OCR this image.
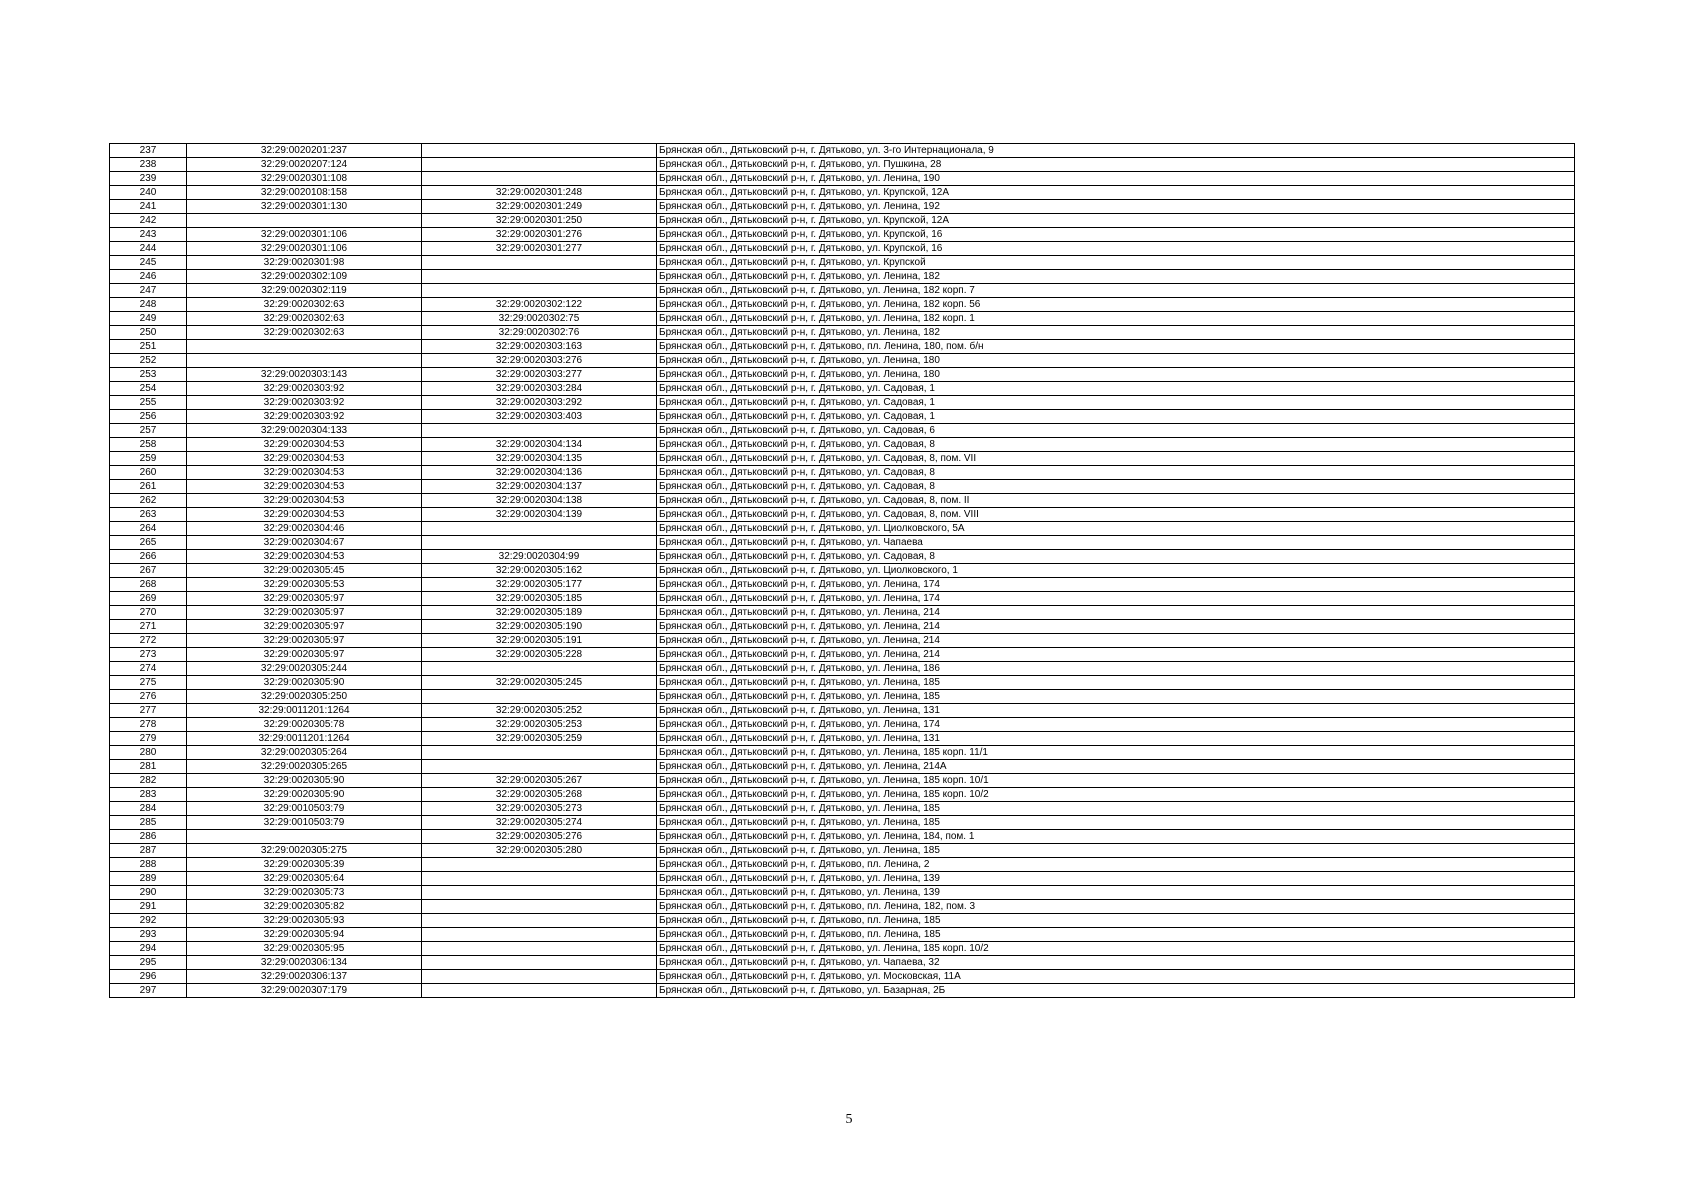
237	32:29:0020201:237		Брянская обл., Дятьковский р-н, г. Дятьково, ул. 3-го Интернационала, 9
238	32:29:0020207:124		Брянская обл., Дятьковский р-н, г. Дятьково, ул. Пушкина, 28
239	32:29:0020301:108		Брянская обл., Дятьковский р-н, г. Дятьково, ул. Ленина, 190
240	32:29:0020108:158	32:29:0020301:248	Брянская обл., Дятьковский р-н, г. Дятьково, ул. Крупской, 12А
241	32:29:0020301:130	32:29:0020301:249	Брянская обл., Дятьковский р-н, г. Дятьково, ул. Ленина, 192
242		32:29:0020301:250	Брянская обл., Дятьковский р-н, г. Дятьково, ул. Крупской, 12А
243	32:29:0020301:106	32:29:0020301:276	Брянская обл., Дятьковский р-н, г. Дятьково, ул. Крупской, 16
244	32:29:0020301:106	32:29:0020301:277	Брянская обл., Дятьковский р-н, г. Дятьково, ул. Крупской, 16
245	32:29:0020301:98		Брянская обл., Дятьковский р-н, г. Дятьково, ул. Крупской
246	32:29:0020302:109		Брянская обл., Дятьковский р-н, г. Дятьково, ул. Ленина, 182
247	32:29:0020302:119		Брянская обл., Дятьковский р-н, г. Дятьково, ул. Ленина, 182 корп. 7
248	32:29:0020302:63	32:29:0020302:122	Брянская обл., Дятьковский р-н, г. Дятьково, ул. Ленина, 182 корп. 56
249	32:29:0020302:63	32:29:0020302:75	Брянская обл., Дятьковский р-н, г. Дятьково, ул. Ленина, 182 корп. 1
250	32:29:0020302:63	32:29:0020302:76	Брянская обл., Дятьковский р-н, г. Дятьково, ул. Ленина, 182
251		32:29:0020303:163	Брянская обл., Дятьковский р-н, г. Дятьково, пл. Ленина, 180, пом. б/н
252		32:29:0020303:276	Брянская обл., Дятьковский р-н, г. Дятьково, ул. Ленина, 180
253	32:29:0020303:143	32:29:0020303:277	Брянская обл., Дятьковский р-н, г. Дятьково, ул. Ленина, 180
254	32:29:0020303:92	32:29:0020303:284	Брянская обл., Дятьковский р-н, г. Дятьково, ул. Садовая, 1
255	32:29:0020303:92	32:29:0020303:292	Брянская обл., Дятьковский р-н, г. Дятьково, ул. Садовая, 1
256	32:29:0020303:92	32:29:0020303:403	Брянская обл., Дятьковский р-н, г. Дятьково, ул. Садовая, 1
257	32:29:0020304:133		Брянская обл., Дятьковский р-н, г. Дятьково, ул. Садовая, 6
258	32:29:0020304:53	32:29:0020304:134	Брянская обл., Дятьковский р-н, г. Дятьково, ул. Садовая, 8
259	32:29:0020304:53	32:29:0020304:135	Брянская обл., Дятьковский р-н, г. Дятьково, ул. Садовая, 8, пом. VII
260	32:29:0020304:53	32:29:0020304:136	Брянская обл., Дятьковский р-н, г. Дятьково, ул. Садовая, 8
261	32:29:0020304:53	32:29:0020304:137	Брянская обл., Дятьковский р-н, г. Дятьково, ул. Садовая, 8
262	32:29:0020304:53	32:29:0020304:138	Брянская обл., Дятьковский р-н, г. Дятьково, ул. Садовая, 8, пом. II
263	32:29:0020304:53	32:29:0020304:139	Брянская обл., Дятьковский р-н, г. Дятьково, ул. Садовая, 8, пом. VIII
264	32:29:0020304:46		Брянская обл., Дятьковский р-н, г. Дятьково, ул. Циолковского, 5А
265	32:29:0020304:67		Брянская обл., Дятьковский р-н, г. Дятьково, ул. Чапаева
266	32:29:0020304:53	32:29:0020304:99	Брянская обл., Дятьковский р-н, г. Дятьково, ул. Садовая, 8
267	32:29:0020305:45	32:29:0020305:162	Брянская обл., Дятьковский р-н, г. Дятьково, ул. Циолковского, 1
268	32:29:0020305:53	32:29:0020305:177	Брянская обл., Дятьковский р-н, г. Дятьково, ул. Ленина, 174
269	32:29:0020305:97	32:29:0020305:185	Брянская обл., Дятьковский р-н, г. Дятьково, ул. Ленина, 174
270	32:29:0020305:97	32:29:0020305:189	Брянская обл., Дятьковский р-н, г. Дятьково, ул. Ленина, 214
271	32:29:0020305:97	32:29:0020305:190	Брянская обл., Дятьковский р-н, г. Дятьково, ул. Ленина, 214
272	32:29:0020305:97	32:29:0020305:191	Брянская обл., Дятьковский р-н, г. Дятьково, ул. Ленина, 214
273	32:29:0020305:97	32:29:0020305:228	Брянская обл., Дятьковский р-н, г. Дятьково, ул. Ленина, 214
274	32:29:0020305:244		Брянская обл., Дятьковский р-н, г. Дятьково, ул. Ленина, 186
275	32:29:0020305:90	32:29:0020305:245	Брянская обл., Дятьковский р-н, г. Дятьково, ул. Ленина, 185
276	32:29:0020305:250		Брянская обл., Дятьковский р-н, г. Дятьково, ул. Ленина, 185
277	32:29:0011201:1264	32:29:0020305:252	Брянская обл., Дятьковский р-н, г. Дятьково, ул. Ленина, 131
278	32:29:0020305:78	32:29:0020305:253	Брянская обл., Дятьковский р-н, г. Дятьково, ул. Ленина, 174
279	32:29:0011201:1264	32:29:0020305:259	Брянская обл., Дятьковский р-н, г. Дятьково, ул. Ленина, 131
280	32:29:0020305:264		Брянская обл., Дятьковский р-н, г. Дятьково, ул. Ленина, 185 корп. 11/1
281	32:29:0020305:265		Брянская обл., Дятьковский р-н, г. Дятьково, ул. Ленина, 214А
282	32:29:0020305:90	32:29:0020305:267	Брянская обл., Дятьковский р-н, г. Дятьково, ул. Ленина, 185 корп. 10/1
283	32:29:0020305:90	32:29:0020305:268	Брянская обл., Дятьковский р-н, г. Дятьково, ул. Ленина, 185 корп. 10/2
284	32:29:0010503:79	32:29:0020305:273	Брянская обл., Дятьковский р-н, г. Дятьково, ул. Ленина, 185
285	32:29:0010503:79	32:29:0020305:274	Брянская обл., Дятьковский р-н, г. Дятьково, ул. Ленина, 185
286		32:29:0020305:276	Брянская обл., Дятьковский р-н, г. Дятьково, ул. Ленина, 184, пом. 1
287	32:29:0020305:275	32:29:0020305:280	Брянская обл., Дятьковский р-н, г. Дятьково, ул. Ленина, 185
288	32:29:0020305:39		Брянская обл., Дятьковский р-н, г. Дятьково, пл. Ленина, 2
289	32:29:0020305:64		Брянская обл., Дятьковский р-н, г. Дятьково, ул. Ленина, 139
290	32:29:0020305:73		Брянская обл., Дятьковский р-н, г. Дятьково, ул. Ленина, 139
291	32:29:0020305:82		Брянская обл., Дятьковский р-н, г. Дятьково, пл. Ленина, 182, пом. 3
292	32:29:0020305:93		Брянская обл., Дятьковский р-н, г. Дятьково, пл. Ленина, 185
293	32:29:0020305:94		Брянская обл., Дятьковский р-н, г. Дятьково, пл. Ленина, 185
294	32:29:0020305:95		Брянская обл., Дятьковский р-н, г. Дятьково, ул. Ленина, 185 корп. 10/2
295	32:29:0020306:134		Брянская обл., Дятьковский р-н, г. Дятьково, ул. Чапаева, 32
296	32:29:0020306:137		Брянская обл., Дятьковский р-н, г. Дятьково, ул. Московская, 11А
297	32:29:0020307:179		Брянская обл., Дятьковский р-н, г. Дятьково, ул. Базарная, 2Б
5
